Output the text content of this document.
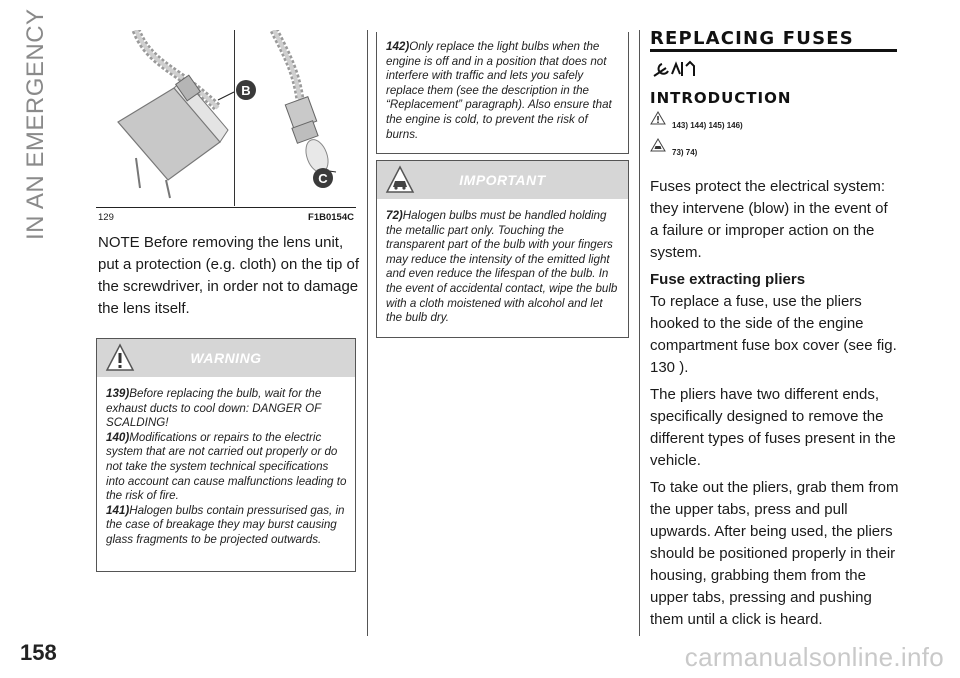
IN AN EMERGENCY
158	carmanualsonline.info
B
C
129	F1B0154C

NOTE Before removing the lens unit, put a protection (e.g. cloth) on the tip of the screwdriver, in order not to damage the lens itself.

WARNING

139)Before replacing the bulb, wait for the exhaust ducts to cool down: DANGER OF SCALDING!

140)Modifications or repairs to the electric system that are not carried out properly or do not take the system technical specifications into account can cause malfunctions leading to the risk of fire.

141)Halogen bulbs contain pressurised gas, in the case of breakage they may burst causing glass fragments to be projected outwards.

142)Only replace the light bulbs when the engine is off and in a position that does not interfere with traffic and lets you safely replace them (see the description in the “Replacement” paragraph). Also ensure that the engine is cold, to prevent the risk of burns.

IMPORTANT

72)Halogen bulbs must be handled holding the metallic part only. Touching the transparent part of the bulb with your fingers may reduce the intensity of the emitted light and even reduce the lifespan of the bulb. In the event of accidental contact, wipe the bulb with a cloth moistened with alcohol and let the bulb dry.

REPLACING FUSES
INTRODUCTION
143) 144) 145) 146)
73) 74)

Fuses protect the electrical system: they intervene (blow) in the event of a failure or improper action on the system.

Fuse extracting pliers

To replace a fuse, use the pliers hooked to the side of the engine compartment fuse box cover (see fig. 130 ).

The pliers have two different ends, specifically designed to remove the different types of fuses present in the vehicle.

To take out the pliers, grab them from the upper tabs, press and pull upwards. After being used, the pliers should be positioned properly in their housing, grabbing them from the upper tabs, pressing and pushing them until a click is heard.
